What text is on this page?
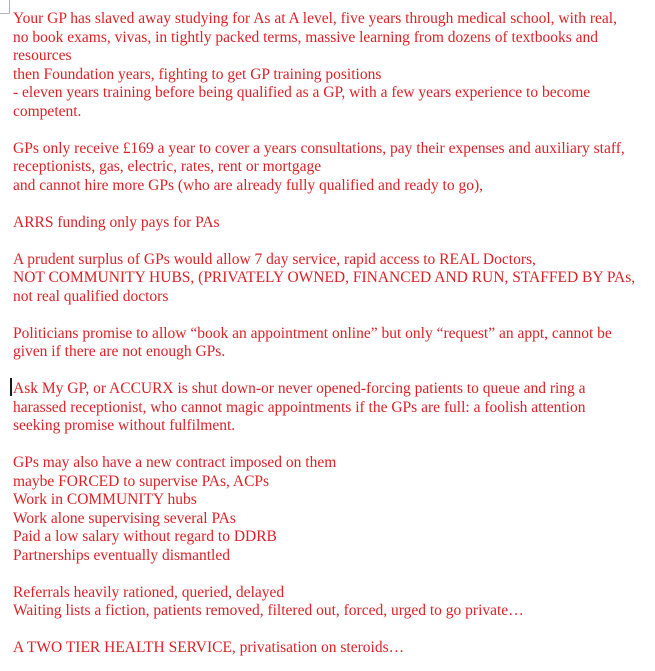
Your GP has slaved away studying for As at A level, five years through medical school, with real,
no book exams, vivas, in tightly packed terms, massive learning from dozens of textbooks and
resources
then Foundation years, fighting to get GP training positions
- eleven years training before being qualified as a GP, with a few years experience to become
competent.

GPs only receive £169 a year to cover a years consultations, pay their expenses and auxiliary staff,
receptionists, gas, electric, rates, rent or mortgage
and cannot hire more GPs (who are already fully qualified and ready to go),

ARRS funding only pays for PAs

A prudent surplus of GPs would allow 7 day service, rapid access to REAL Doctors,
NOT COMMUNITY HUBS, (PRIVATELY OWNED, FINANCED AND RUN, STAFFED BY PAs,
not real qualified doctors

Politicians promise to allow “book an appointment online” but only “request” an appt, cannot be
given if there are not enough GPs.

Ask My GP, or ACCURX is shut down-or never opened-forcing patients to queue and ring a
harassed receptionist, who cannot magic appointments if the GPs are full: a foolish attention
seeking promise without fulfilment.

GPs may also have a new contract imposed on them
maybe FORCED to supervise PAs, ACPs
Work in COMMUNITY hubs
Work alone supervising several PAs
Paid a low salary without regard to DDRB
Partnerships eventually dismantled

Referrals heavily rationed, queried, delayed
Waiting lists a fiction, patients removed, filtered out, forced, urged to go private…

A TWO TIER HEALTH SERVICE, privatisation on steroids…
